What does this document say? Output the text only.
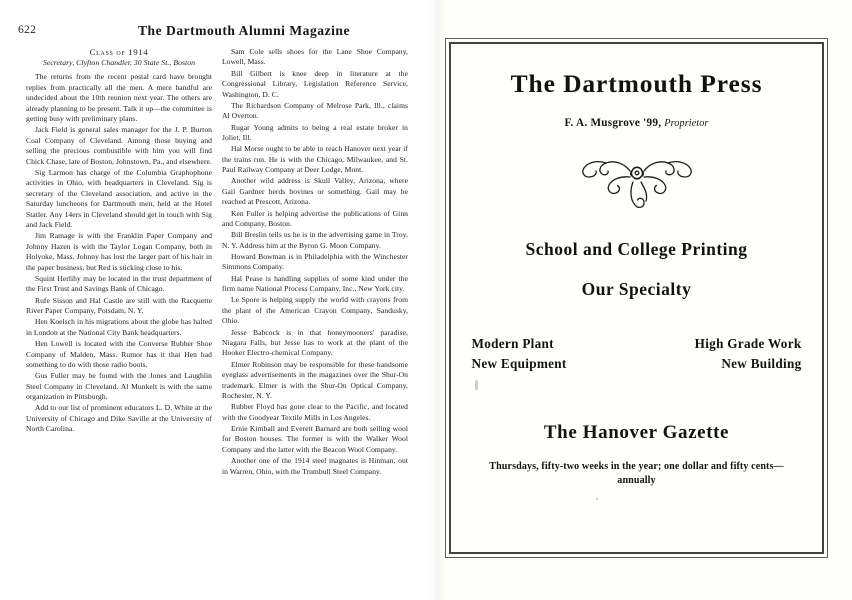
622	The Dartmouth Alumni Magazine
Class of 1914
Secretary, Clyfton Chandler, 30 State St., Boston

The returns from the recent postal card have brought replies from practically all the men. A mere handful are undecided about the 10th reunion next year. The others are already planning to be present. Talk it up—the committee is getting busy with preliminary plans.

Jack Field is general sales manager for the J. P. Burton Coal Company of Cleveland. Among those buying and selling the precious combustible with him you will find Chick Chase, late of Boston, Johnstown, Pa., and elsewhere.

Sig Larmon has charge of the Columbia Graphophone activities in Ohio, with headquarters in Cleveland. Sig is secretary of the Cleveland association, and active in the Saturday luncheons for Dartmouth men, held at the Hotel Statler. Any 14ers in Cleveland should get in touch with Sig and Jack Field.

Jim Ramage is with the Franklin Paper Company and Johnny Hazen is with the Taylor Logan Company, both in Holyoke, Mass. Johnny has lost the larger part of his hair in the paper business, but Red is sticking close to his.

Squint Herlihy may be located in the trust department of the First Trust and Savings Bank of Chicago.

Rufe Sisson and Hal Castle are still with the Racquette River Paper Company, Potsdam, N. Y.

Hen Koelsch in his migrations about the globe has halted in London at the National City Bank headquarters.

Hen Lowell is located with the Converse Rubber Shoe Company of Malden, Mass. Rumor has it that Hen had something to do with those radio boots.

Gus Fuller may be found with the Jones and Laughlin Steel Company in Cleveland. Al Munkelt is with the same organization in Pittsburgh.

Add to our list of prominent educators L. D. White at the University of Chicago and Dike Saville at the University of North Carolina.

Sam Cole sells shoes for the Lane Shoe Company, Lowell, Mass.

Bill Gilbert is knee deep in literature at the Congressional Library, Legislation Reference Service, Washington, D. C.

The Richardson Company of Melrose Park, Ill., claims Al Overton.

Rugar Young admits to being a real estate broker in Joliet, Ill.

Hal Morse ought to be able to reach Hanover next year if the trains run. He is with the Chicago, Milwaukee, and St. Paul Railway Company at Deer Lodge, Mont.

Another wild address is Skull Valley, Arizona, where Gail Gardner herds bovines or something. Gail may be reached at Prescott, Arizona.

Ken Fuller is helping advertise the publications of Ginn and Company, Boston.

Bill Breslin tells us he is in the advertising game in Troy, N. Y. Address him at the Byron G. Moon Company.

Howard Bowman is in Philadelphia with the Winchester Simmons Company.

Hal Pease is handling supplies of some kind under the firm name National Process Company, Inc., New York city.

Le Spore is helping supply the world with crayons from the plant of the American Crayon Company, Sandusky, Ohio.

Jesse Babcock is in that honeymooners' paradise, Niagara Falls, but Jesse has to work at the plant of the Hooker Electro-chemical Company.

Elmer Robinson may be responsible for these handsome eyeglass advertisements in the magazines over the Shur-On trademark. Elmer is with the Shur-On Optical Company, Rochester, N. Y.

Rubber Floyd has gone clear to the Pacific, and located with the Goodyear Textile Mills in Los Angeles.

Ernie Kimball and Everett Barnard are both selling wool for Boston houses. The former is with the Walker Wool Company and the latter with the Beacon Wool Company.

Another one of the 1914 steel magnates is Hinman, out in Warren, Ohio, with the Trumbull Steel Company.

The Dartmouth Press
F. A. Musgrove '99, Proprietor
School and College Printing
Our Specialty
Modern Plant
New Equipment
High Grade Work
New Building
The Hanover Gazette
Thursdays, fifty-two weeks in the year; one dollar and fifty cents—annually
